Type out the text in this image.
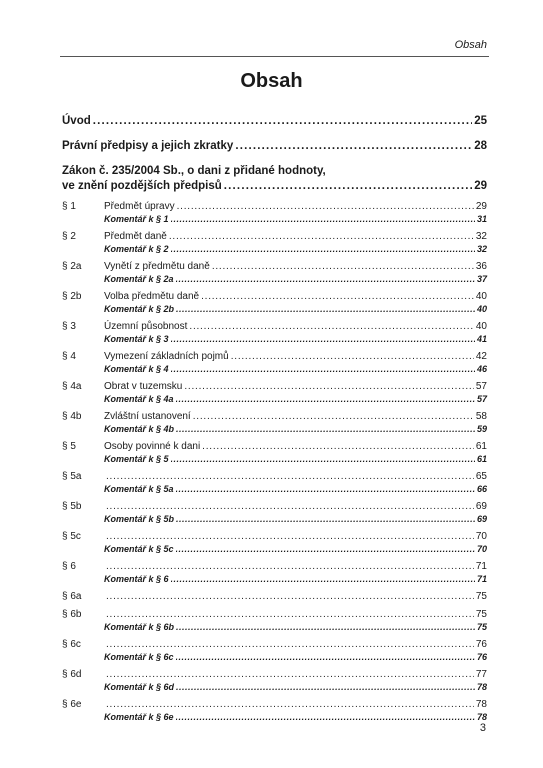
Obsah
Obsah
Úvod . . .	25
Právní předpisy a jejich zkratky . . .	28
Zákon č. 235/2004 Sb., o dani z přidané hodnoty,
ve znění pozdějších předpisů . . .	29
§ 1	Předmět úpravy . . .	29
Komentář k § 1 . . .	31
§ 2	Předmět daně . . .	32
Komentář k § 2 . . .	32
§ 2a	Vynětí z předmětu daně . . .	36
Komentář k § 2a . . .	37
§ 2b	Volba předmětu daně . . .	40
Komentář k § 2b . . .	40
§ 3	Územní působnost . . .	40
Komentář k § 3 . . .	41
§ 4	Vymezení základních pojmů . . .	42
Komentář k § 4 . . .	46
§ 4a	Obrat v tuzemsku . . .	57
Komentář k § 4a . . .	57
§ 4b	Zvláštní ustanovení . . .	58
Komentář k § 4b . . .	59
§ 5	Osoby povinné k dani . . .	61
Komentář k § 5 . . .	61
§ 5a . . .	65
Komentář k § 5a . . .	66
§ 5b . . .	69
Komentář k § 5b . . .	69
§ 5c . . .	70
Komentář k § 5c . . .	70
§ 6 . . .	71
Komentář k § 6 . . .	71
§ 6a . . .	75
§ 6b . . .	75
Komentář k § 6b . . .	75
§ 6c . . .	76
Komentář k § 6c . . .	76
§ 6d . . .	77
Komentář k § 6d . . .	78
§ 6e . . .	78
Komentář k § 6e . . .	78
3
